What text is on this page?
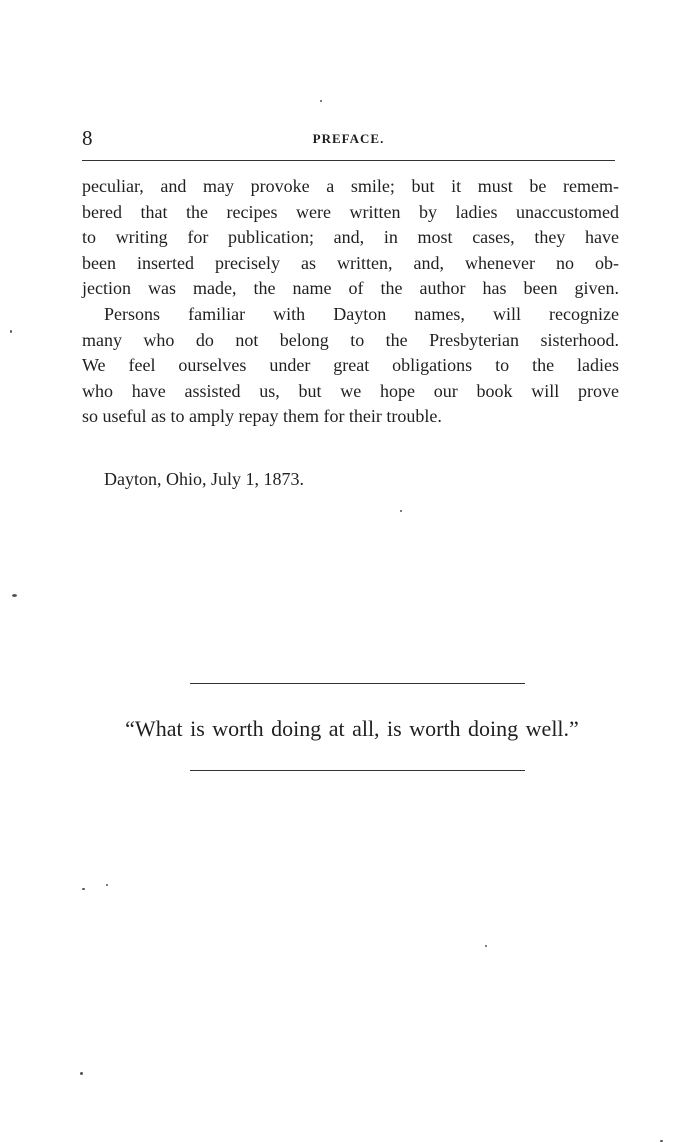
8	PREFACE.
peculiar, and may provoke a smile; but it must be remem-
bered that the recipes were written by ladies unaccustomed
to writing for publication; and, in most cases, they have
been inserted precisely as written, and, whenever no ob-
jection was made, the name of the author has been given.
Persons familiar with Dayton names, will recognize
many who do not belong to the Presbyterian sisterhood.
We feel ourselves under great obligations to the ladies
who have assisted us, but we hope our book will prove
so useful as to amply repay them for their trouble.
Dayton, Ohio, July 1, 1873.
“What is worth doing at all, is worth doing well.”
